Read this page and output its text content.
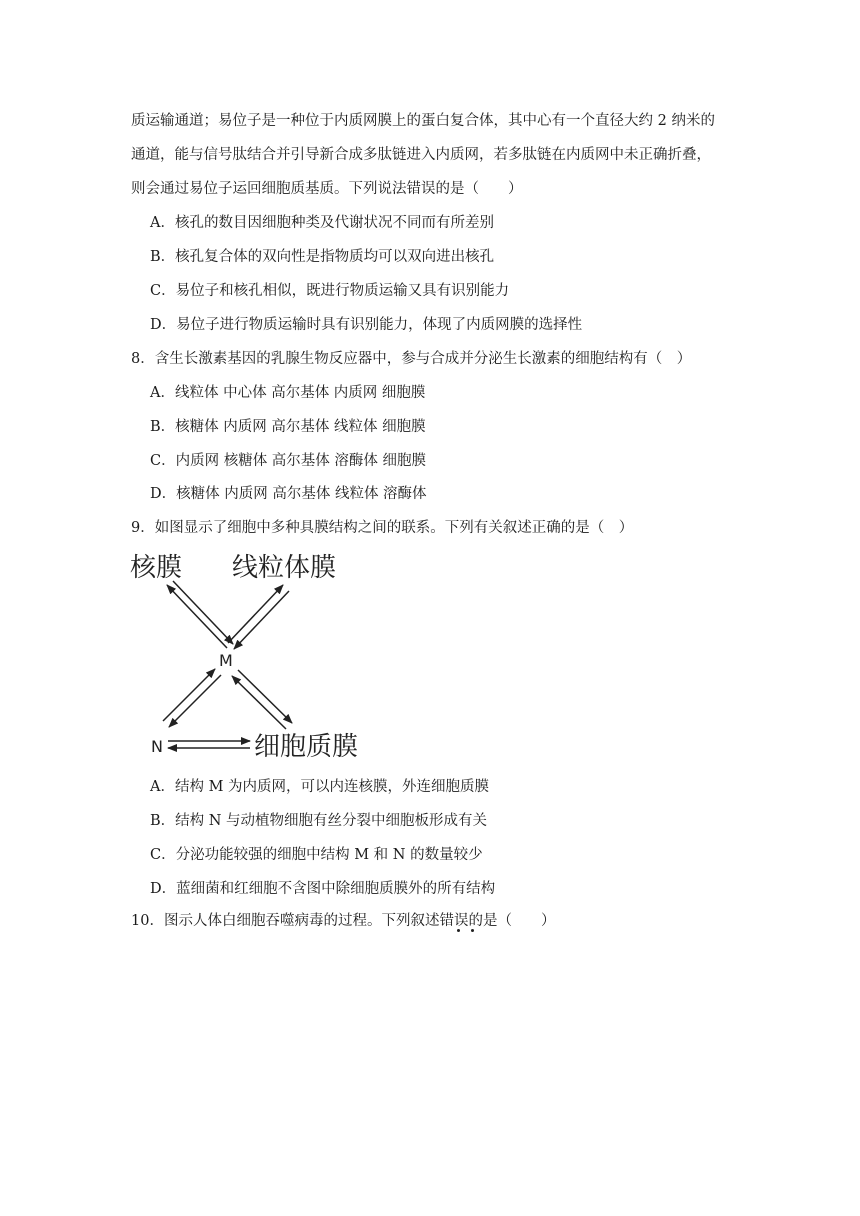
质运输通道；易位子是一种位于内质网膜上的蛋白复合体，其中心有一个直径大约 2 纳米的
通道，能与信号肽结合并引导新合成多肽链进入内质网，若多肽链在内质网中未正确折叠，
则会通过易位子运回细胞质基质。下列说法错误的是（　　）
A．核孔的数目因细胞种类及代谢状况不同而有所差别
B．核孔复合体的双向性是指物质均可以双向进出核孔
C．易位子和核孔相似，既进行物质运输又具有识别能力
D．易位子进行物质运输时具有识别能力，体现了内质网膜的选择性
8．含生长激素基因的乳腺生物反应器中，参与合成并分泌生长激素的细胞结构有（　）
A．线粒体 中心体 高尔基体 内质网 细胞膜
B．核糖体 内质网 高尔基体 线粒体 细胞膜
C．内质网 核糖体 高尔基体 溶酶体 细胞膜
D．核糖体 内质网 高尔基体 线粒体 溶酶体
9．如图显示了细胞中多种具膜结构之间的联系。下列有关叙述正确的是（　）
核膜 线粒体膜
M
N	细胞质膜
A．结构 M 为内质网，可以内连核膜，外连细胞质膜
B．结构 N 与动植物细胞有丝分裂中细胞板形成有关
C．分泌功能较强的细胞中结构 M 和 N 的数量较少
D．蓝细菌和红细胞不含图中除细胞质膜外的所有结构
10．图示人体白细胞吞噬病毒的过程。下列叙述错误的是（　　）
